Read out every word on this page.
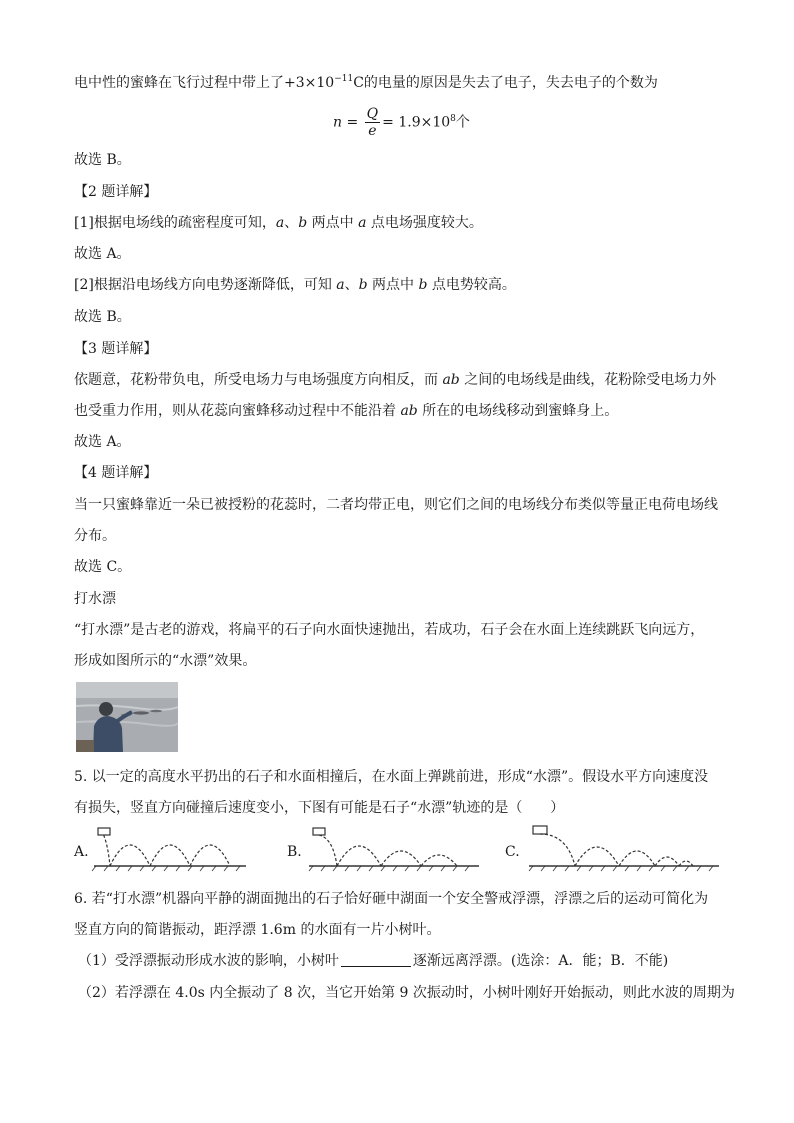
电中性的蜜蜂在飞行过程中带上了$+3\times 10^{-11}C$的电量的原因是失去了电子，失去电子的个数为
$n = \frac{Q}{e} = 1.9\times 10^8$个
故选 B。
【2 题详解】
[1]根据电场线的疏密程度可知，a、b 两点中 a 点电场强度较大。
故选 A。
[2]根据沿电场线方向电势逐渐降低，可知 a、b 两点中 b 点电势较高。
故选 B。
【3 题详解】
依题意，花粉带负电，所受电场力与电场强度方向相反，而 ab 之间的电场线是曲线，花粉除受电场力外
也受重力作用，则从花蕊向蜜蜂移动过程中不能沿着 ab 所在的电场线移动到蜜蜂身上。
故选 A。
【4 题详解】
当一只蜜蜂靠近一朵已被授粉的花蕊时，二者均带正电，则它们之间的电场线分布类似等量正电荷电场线
分布。
故选 C。
打水漂
“打水漂”是古老的游戏，将扁平的石子向水面快速抛出，若成功，石子会在水面上连续跳跃飞向远方，
形成如图所示的“水漂”效果。
5. 以一定的高度水平扔出的石子和水面相撞后，在水面上弹跳前进，形成“水漂”。假设水平方向速度没
有损失，竖直方向碰撞后速度变小，下图有可能是石子“水漂”轨迹的是（　　）
A.	B.	C.
6. 若“打水漂”机器向平静的湖面抛出的石子恰好砸中湖面一个安全警戒浮漂，浮漂之后的运动可简化为
竖直方向的简谐振动，距浮漂 1.6m 的水面有一片小树叶。
（1）受浮漂振动形成水波的影响，小树叶	逐渐远离浮漂。(选涂：A．能；B．不能)
（2）若浮漂在 4.0s 内全振动了 8 次，当它开始第 9 次振动时，小树叶刚好开始振动，则此水波的周期为
